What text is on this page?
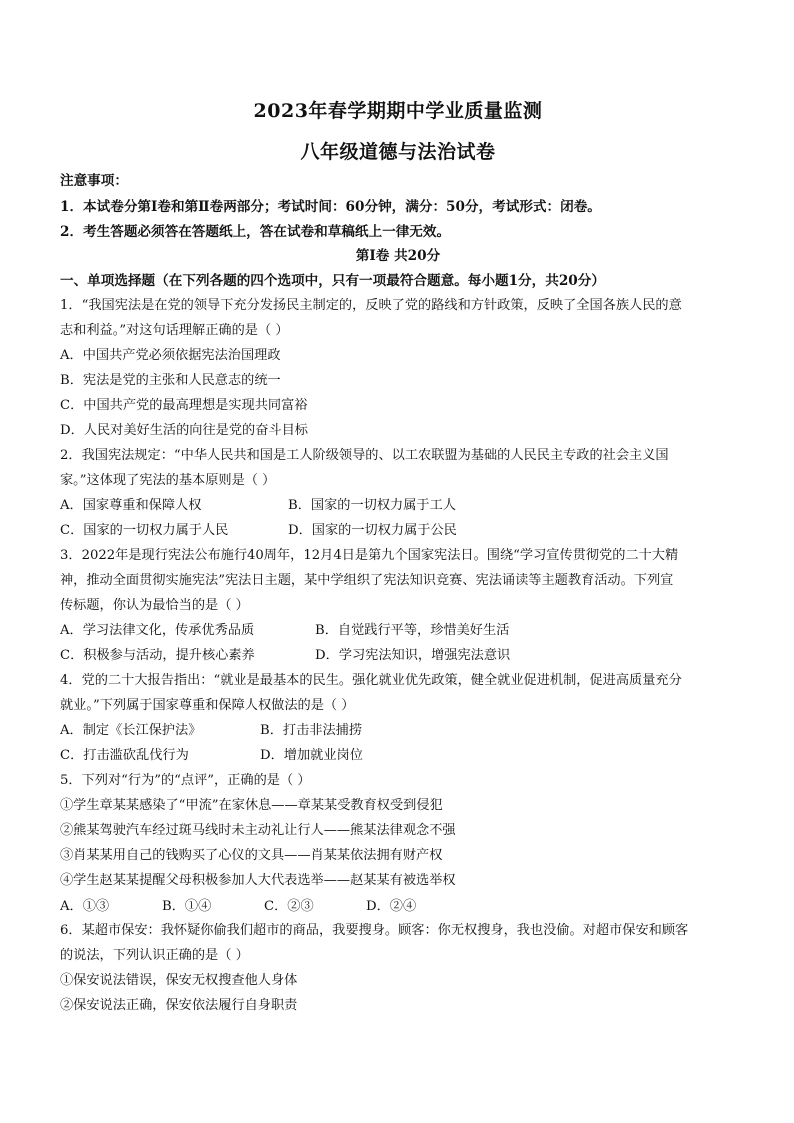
2023年春学期期中学业质量监测
八年级道德与法治试卷
注意事项：
1．本试卷分第Ⅰ卷和第Ⅱ卷两部分；考试时间：60分钟，满分：50分，考试形式：闭卷。
2．考生答题必须答在答题纸上，答在试卷和草稿纸上一律无效。
第Ⅰ卷 共20分
一、单项选择题（在下列各题的四个选项中，只有一项最符合题意。每小题1分，共20分）
1．“我国宪法是在党的领导下充分发扬民主制定的，反映了党的路线和方针政策，反映了全国各族人民的意
志和利益。”对这句话理解正确的是（ ）
A．中国共产党必须依据宪法治国理政
B．宪法是党的主张和人民意志的统一
C．中国共产党的最高理想是实现共同富裕
D．人民对美好生活的向往是党的奋斗目标
2．我国宪法规定：“中华人民共和国是工人阶级领导的、以工农联盟为基础的人民民主专政的社会主义国
家。”这体现了宪法的基本原则是（ ）
A．国家尊重和保障人权	B．国家的一切权力属于工人
C．国家的一切权力属于人民	D．国家的一切权力属于公民
3．2022年是现行宪法公布施行40周年，12月4日是第九个国家宪法日。围绕“学习宣传贯彻党的二十大精
神，推动全面贯彻实施宪法”宪法日主题，某中学组织了宪法知识竞赛、宪法诵读等主题教育活动。下列宣
传标题，你认为最恰当的是（ ）
A．学习法律文化，传承优秀品质	B．自觉践行平等，珍惜美好生活
C．积极参与活动，提升核心素养	D．学习宪法知识，增强宪法意识
4．党的二十大报告指出：“就业是最基本的民生。强化就业优先政策，健全就业促进机制，促进高质量充分
就业。”下列属于国家尊重和保障人权做法的是（ ）
A．制定《长江保护法》	B．打击非法捕捞
C．打击滥砍乱伐行为	D．增加就业岗位
5．下列对“行为”的“点评”，正确的是（ ）
①学生章某某感染了“甲流”在家休息——章某某受教育权受到侵犯
②熊某驾驶汽车经过斑马线时未主动礼让行人——熊某法律观念不强
③肖某某用自己的钱购买了心仪的文具——肖某某依法拥有财产权
④学生赵某某提醒父母积极参加人大代表选举——赵某某有被选举权
A．①③	B．①④	C．②③	D．②④
6．某超市保安：我怀疑你偷我们超市的商品，我要搜身。顾客：你无权搜身，我也没偷。对超市保安和顾客
的说法，下列认识正确的是（ ）
①保安说法错误，保安无权搜查他人身体
②保安说法正确，保安依法履行自身职责
